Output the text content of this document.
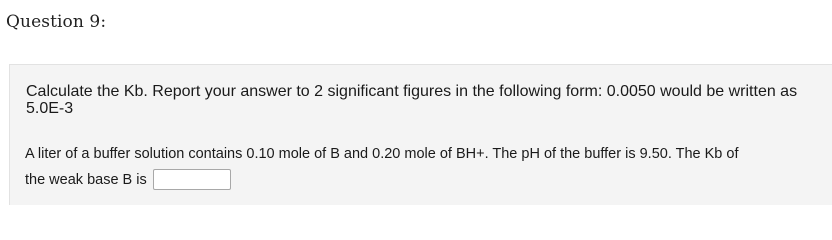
Question 9:
Calculate the Kb. Report your answer to 2 significant figures in the following form: 0.0050 would be written as 5.0E-3
A liter of a buffer solution contains 0.10 mole of B and 0.20 mole of BH+. The pH of the buffer is 9.50. The Kb of
the weak base B is
